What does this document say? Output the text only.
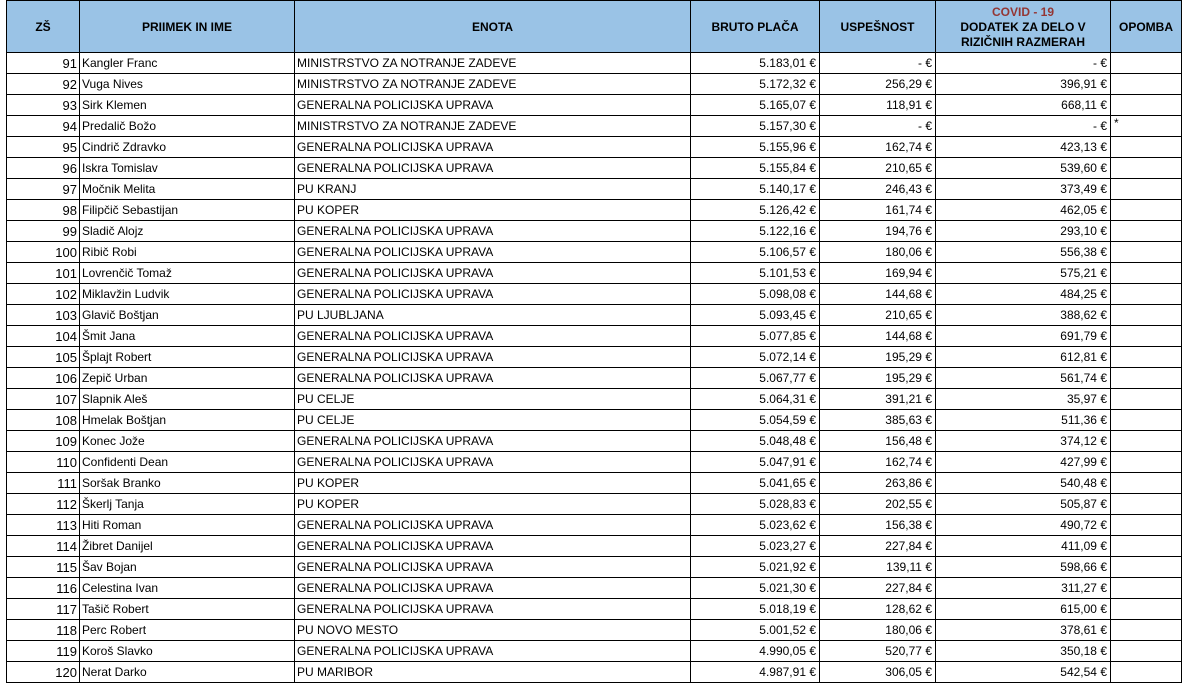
ZŠ	PRIIMEK IN IME	ENOTA	BRUTO PLAČA	USPEŠNOST	COVID - 19
DODATEK ZA DELO V
RIZIČNIH RAZMERAH	OPOMBA
91	Kangler Franc	MINISTRSTVO ZA NOTRANJE ZADEVE	5.183,01 €	- €	- €	
92	Vuga Nives	MINISTRSTVO ZA NOTRANJE ZADEVE	5.172,32 €	256,29 €	396,91 €	
93	Sirk Klemen	GENERALNA POLICIJSKA UPRAVA	5.165,07 €	118,91 €	668,11 €	
94	Predalič Božo	MINISTRSTVO ZA NOTRANJE ZADEVE	5.157,30 €	- €	- €	*
95	Cindrič Zdravko	GENERALNA POLICIJSKA UPRAVA	5.155,96 €	162,74 €	423,13 €	
96	Iskra Tomislav	GENERALNA POLICIJSKA UPRAVA	5.155,84 €	210,65 €	539,60 €	
97	Močnik Melita	PU KRANJ	5.140,17 €	246,43 €	373,49 €	
98	Filipčič Sebastijan	PU KOPER	5.126,42 €	161,74 €	462,05 €	
99	Sladič Alojz	GENERALNA POLICIJSKA UPRAVA	5.122,16 €	194,76 €	293,10 €	
100	Ribič Robi	GENERALNA POLICIJSKA UPRAVA	5.106,57 €	180,06 €	556,38 €	
101	Lovrenčič Tomaž	GENERALNA POLICIJSKA UPRAVA	5.101,53 €	169,94 €	575,21 €	
102	Miklavžin Ludvik	GENERALNA POLICIJSKA UPRAVA	5.098,08 €	144,68 €	484,25 €	
103	Glavič Boštjan	PU LJUBLJANA	5.093,45 €	210,65 €	388,62 €	
104	Šmit Jana	GENERALNA POLICIJSKA UPRAVA	5.077,85 €	144,68 €	691,79 €	
105	Šplajt Robert	GENERALNA POLICIJSKA UPRAVA	5.072,14 €	195,29 €	612,81 €	
106	Zepič Urban	GENERALNA POLICIJSKA UPRAVA	5.067,77 €	195,29 €	561,74 €	
107	Slapnik Aleš	PU CELJE	5.064,31 €	391,21 €	35,97 €	
108	Hmelak Boštjan	PU CELJE	5.054,59 €	385,63 €	511,36 €	
109	Konec Jože	GENERALNA POLICIJSKA UPRAVA	5.048,48 €	156,48 €	374,12 €	
110	Confidenti Dean	GENERALNA POLICIJSKA UPRAVA	5.047,91 €	162,74 €	427,99 €	
111	Soršak Branko	PU KOPER	5.041,65 €	263,86 €	540,48 €	
112	Škerlj Tanja	PU KOPER	5.028,83 €	202,55 €	505,87 €	
113	Hiti Roman	GENERALNA POLICIJSKA UPRAVA	5.023,62 €	156,38 €	490,72 €	
114	Žibret Danijel	GENERALNA POLICIJSKA UPRAVA	5.023,27 €	227,84 €	411,09 €	
115	Šav Bojan	GENERALNA POLICIJSKA UPRAVA	5.021,92 €	139,11 €	598,66 €	
116	Celestina Ivan	GENERALNA POLICIJSKA UPRAVA	5.021,30 €	227,84 €	311,27 €	
117	Tašič Robert	GENERALNA POLICIJSKA UPRAVA	5.018,19 €	128,62 €	615,00 €	
118	Perc Robert	PU NOVO MESTO	5.001,52 €	180,06 €	378,61 €	
119	Koroš Slavko	GENERALNA POLICIJSKA UPRAVA	4.990,05 €	520,77 €	350,18 €	
120	Nerat Darko	PU MARIBOR	4.987,91 €	306,05 €	542,54 €	
